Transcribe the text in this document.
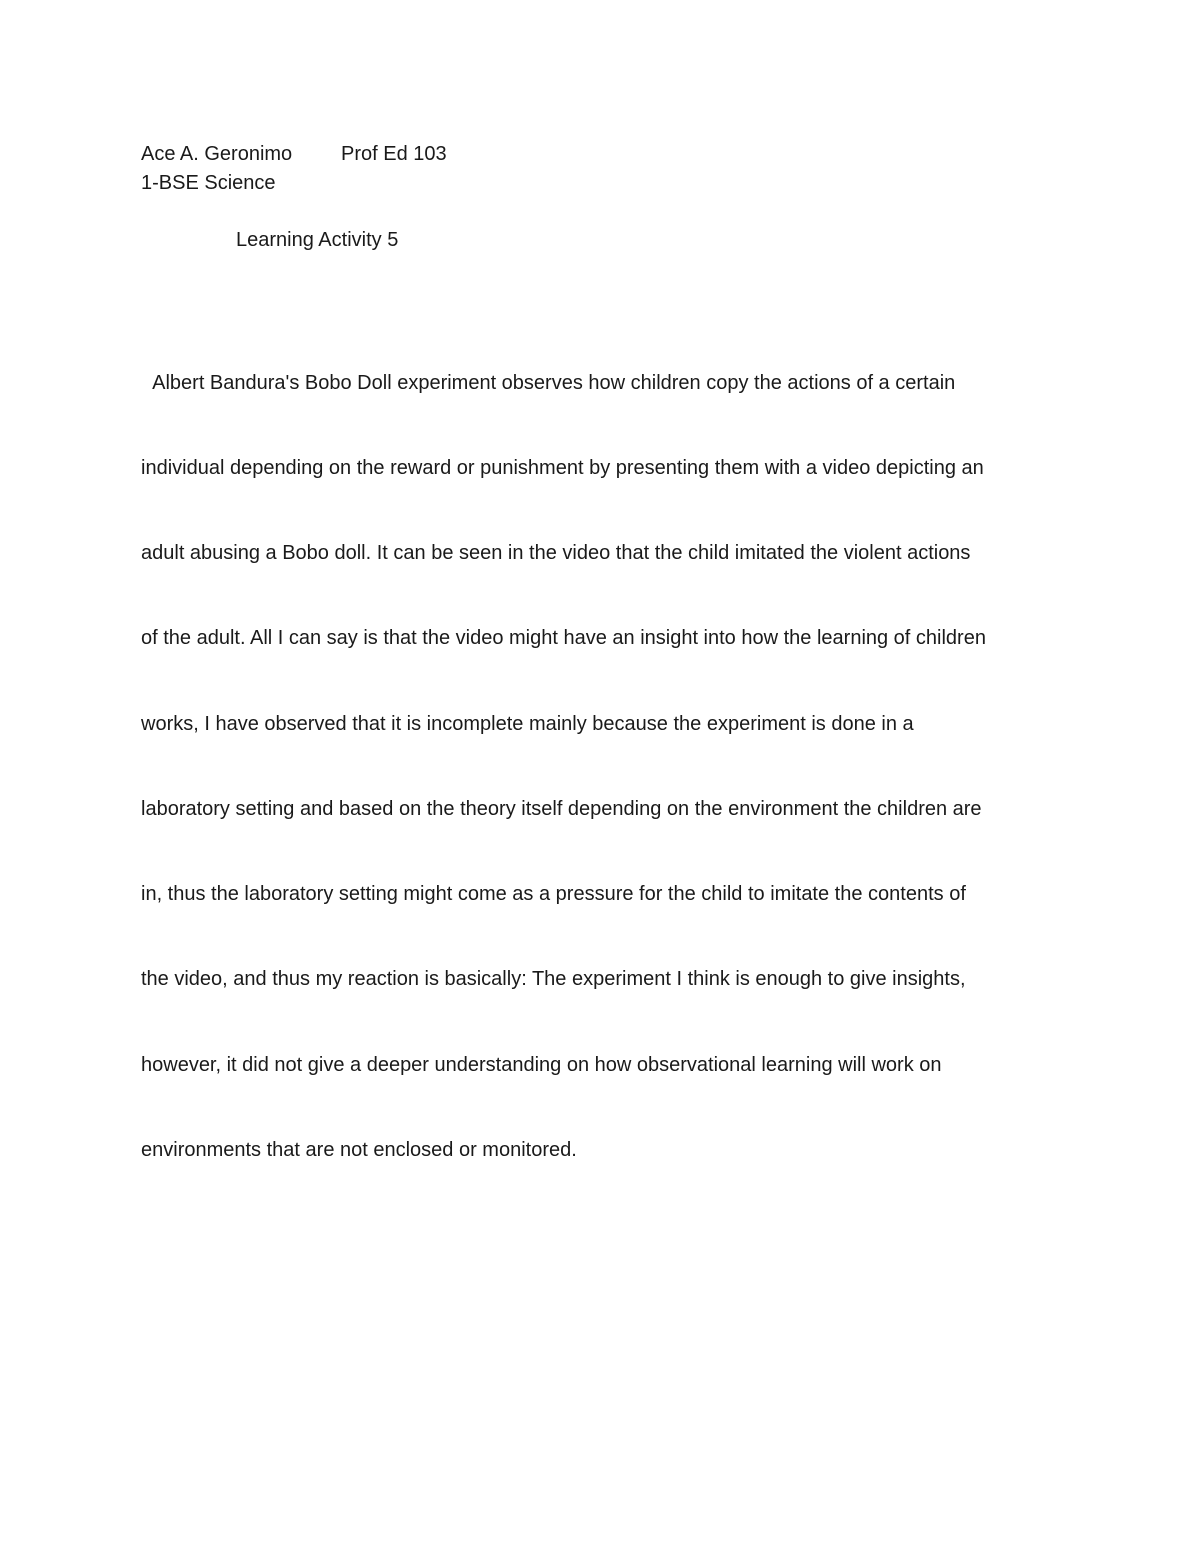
Ace A. Geronimo Prof Ed 103
1-BSE Science
Learning Activity 5

Albert Bandura's Bobo Doll experiment observes how children copy the actions of a certain

individual depending on the reward or punishment by presenting them with a video depicting an

adult abusing a Bobo doll. It can be seen in the video that the child imitated the violent actions

of the adult. All I can say is that the video might have an insight into how the learning of children

works, I have observed that it is incomplete mainly because the experiment is done in a

laboratory setting and based on the theory itself depending on the environment the children are

in, thus the laboratory setting might come as a pressure for the child to imitate the contents of

the video, and thus my reaction is basically: The experiment I think is enough to give insights,

however, it did not give a deeper understanding on how observational learning will work on

environments that are not enclosed or monitored.
